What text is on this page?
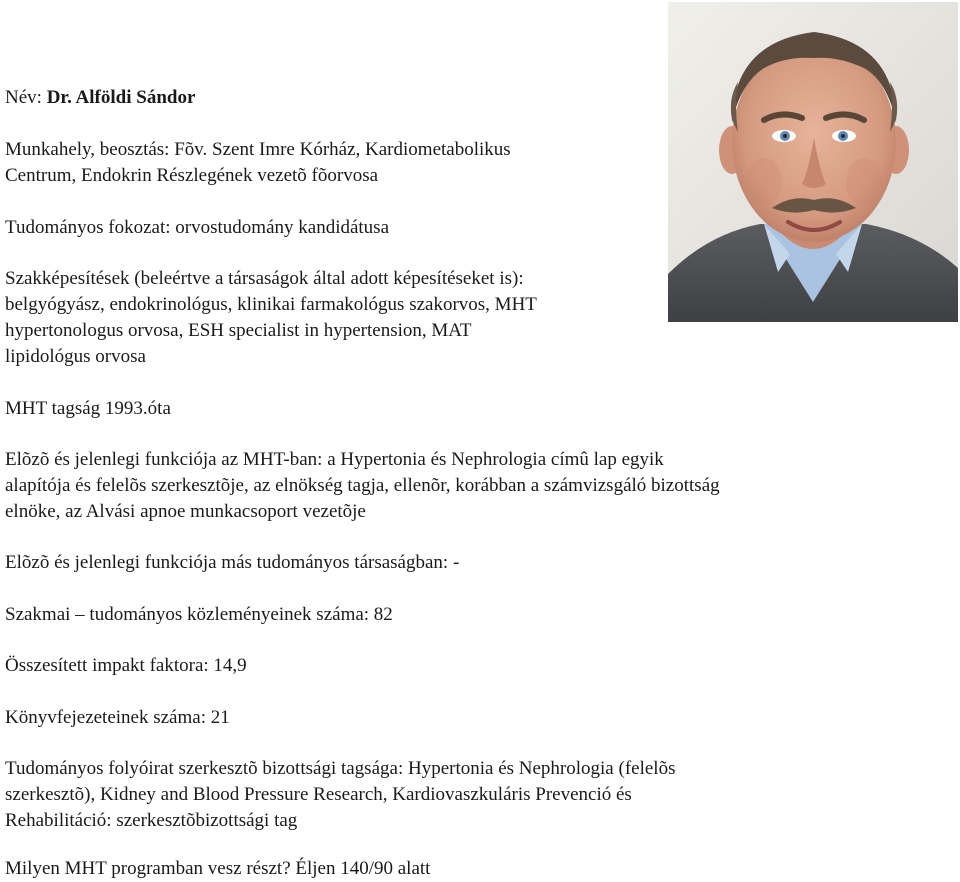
Név: Dr. Alföldi Sándor
Munkahely, beosztás: Fõv. Szent Imre Kórház, Kardiometabolikus
Centrum, Endokrin Részlegének vezetõ fõorvosa
Tudományos fokozat: orvostudomány kandidátusa
Szakképesítések (beleértve a társaságok által adott képesítéseket is):
belgyógyász, endokrinológus, klinikai farmakológus szakorvos, MHT
hypertonologus orvosa, ESH specialist in hypertension, MAT
lipidológus orvosa
MHT tagság 1993.óta
Elõzõ és jelenlegi funkciója az MHT-ban: a Hypertonia és Nephrologia címû lap egyik
alapítója és felelõs szerkesztõje, az elnökség tagja, ellenõr, korábban a számvizsgáló bizottság
elnöke, az Alvási apnoe munkacsoport vezetõje
Elõzõ és jelenlegi funkciója más tudományos társaságban: -
Szakmai – tudományos közleményeinek száma: 82
Összesített impakt faktora: 14,9
Könyvfejezeteinek száma: 21
Tudományos folyóirat szerkesztõ bizottsági tagsága: Hypertonia és Nephrologia (felelõs
szerkesztõ), Kidney and Blood Pressure Research, Kardiovaszkuláris Prevenció és
Rehabilitáció: szerkesztõbizottsági tag
Milyen MHT programban vesz részt? Éljen 140/90 alatt
